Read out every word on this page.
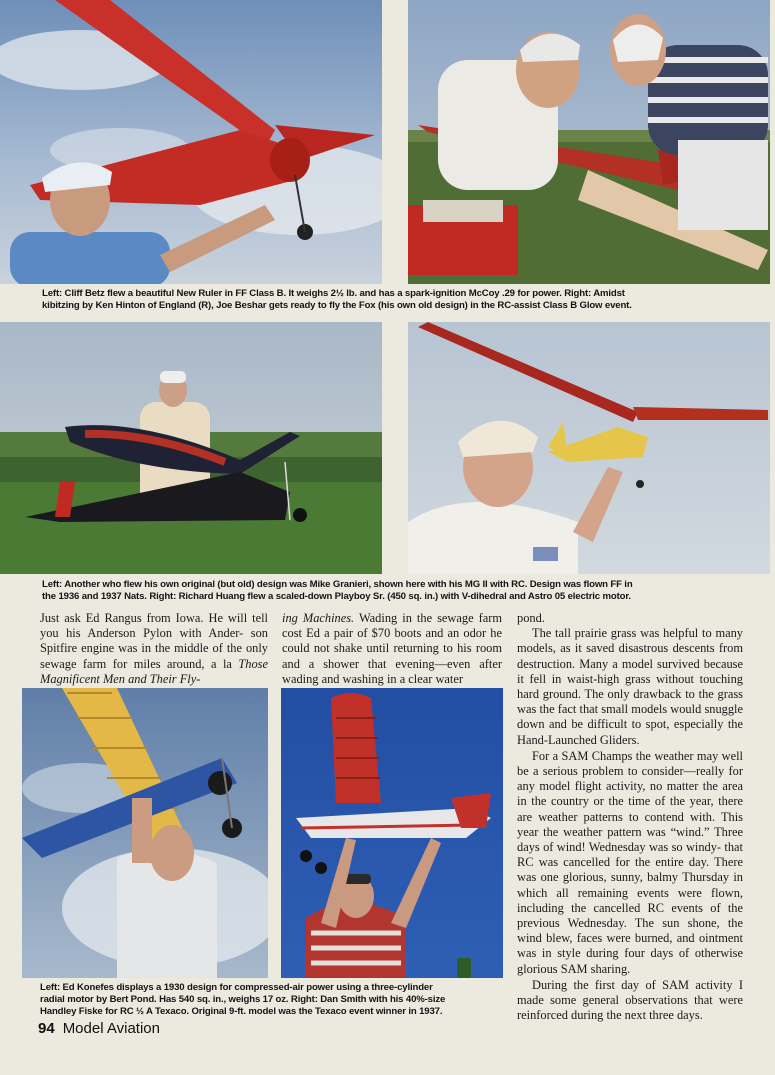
Left: Cliff Betz flew a beautiful New Ruler in FF Class B. It weighs 2½ lb. and has a spark-ignition McCoy .29 for power. Right: Amidst
kibitzing by Ken Hinton of England (R), Joe Beshar gets ready to fly the Fox (his own old design) in the RC-assist Class B Glow event.
Left: Another who flew his own original (but old) design was Mike Granieri, shown here with his MG II with RC. Design was flown FF in
the 1936 and 1937 Nats. Right: Richard Huang flew a scaled-down Playboy Sr. (450 sq. in.) with V-dihedral and Astro 05 electric motor.

Just ask Ed Rangus from Iowa. He will tell you his Anderson Pylon with Ander- son Spitfire engine was in the middle of the only sewage farm for miles around, a la Those Magnificent Men and Their Fly-

ing Machines. Wading in the sewage farm cost Ed a pair of $70 boots and an odor he could not shake until returning to his room and a shower that evening—even after wading and washing in a clear water

pond.

The tall prairie grass was helpful to many models, as it saved disastrous descents from destruction. Many a model survived because it fell in waist-high grass without touching hard ground. The only drawback to the grass was the fact that small models would snuggle down and be difficult to spot, especially the Hand-Launched Gliders.

For a SAM Champs the weather may well be a serious problem to consider—really for any model flight activity, no matter the area in the country or the time of the year, there are weather patterns to contend with. This year the weather pattern was “wind.” Three days of wind! Wednesday was so windy- that RC was cancelled for the entire day. There was one glorious, sunny, balmy Thursday in which all remaining events were flown, including the cancelled RC events of the previous Wednesday. The sun shone, the wind blew, faces were burned, and ointment was in style during four days of otherwise glorious SAM sharing.

During the first day of SAM activity I made some general observations that were reinforced during the next three days.

Left: Ed Konefes displays a 1930 design for compressed-air power using a three-cylinder
radial motor by Bert Pond. Has 540 sq. in., weighs 17 oz. Right: Dan Smith with his 40%-size
Handley Fiske for RC ½ A Texaco. Original 9-ft. model was the Texaco event winner in 1937.
94 Model Aviation
